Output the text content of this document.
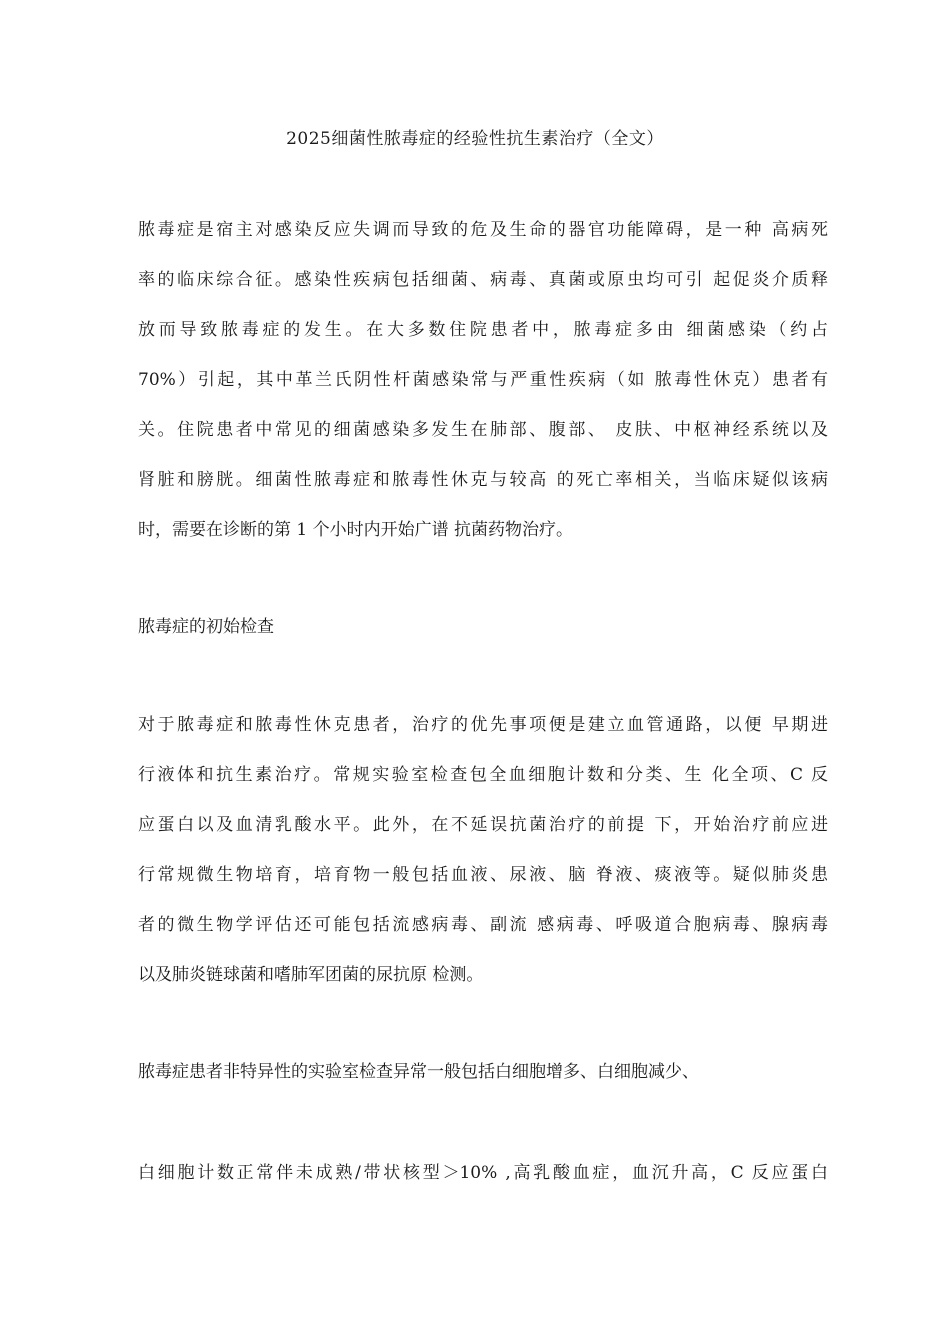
2025细菌性脓毒症的经验性抗生素治疗（全文）

脓毒症是宿主对感染反应失调而导致的危及生命的器官功能障碍，是一种 高病死
率的临床综合征。感染性疾病包括细菌、病毒、真菌或原虫均可引 起促炎介质释
放而导致脓毒症的发生。在大多数住院患者中，脓毒症多由 细菌感染（约占
70%）引起，其中革兰氏阴性杆菌感染常与严重性疾病（如 脓毒性休克）患者有
关。住院患者中常见的细菌感染多发生在肺部、腹部、 皮肤、中枢神经系统以及
肾脏和膀胱。细菌性脓毒症和脓毒性休克与较高 的死亡率相关，当临床疑似该病
时，需要在诊断的第 1 个小时内开始广谱 抗菌药物治疗。

脓毒症的初始检查

对于脓毒症和脓毒性休克患者，治疗的优先事项便是建立血管通路，以便 早期进
行液体和抗生素治疗。常规实验室检查包全血细胞计数和分类、生 化全项、C 反
应蛋白以及血清乳酸水平。此外，在不延误抗菌治疗的前提 下，开始治疗前应进
行常规微生物培育，培育物一般包括血液、尿液、脑 脊液、痰液等。疑似肺炎患
者的微生物学评估还可能包括流感病毒、副流 感病毒、呼吸道合胞病毒、腺病毒
以及肺炎链球菌和嗜肺军团菌的尿抗原 检测。

脓毒症患者非特异性的实验室检查异常一般包括白细胞增多、白细胞减少、

白细胞计数正常伴未成熟/带状核型＞10% ,高乳酸血症，血沉升高，C 反应蛋白
